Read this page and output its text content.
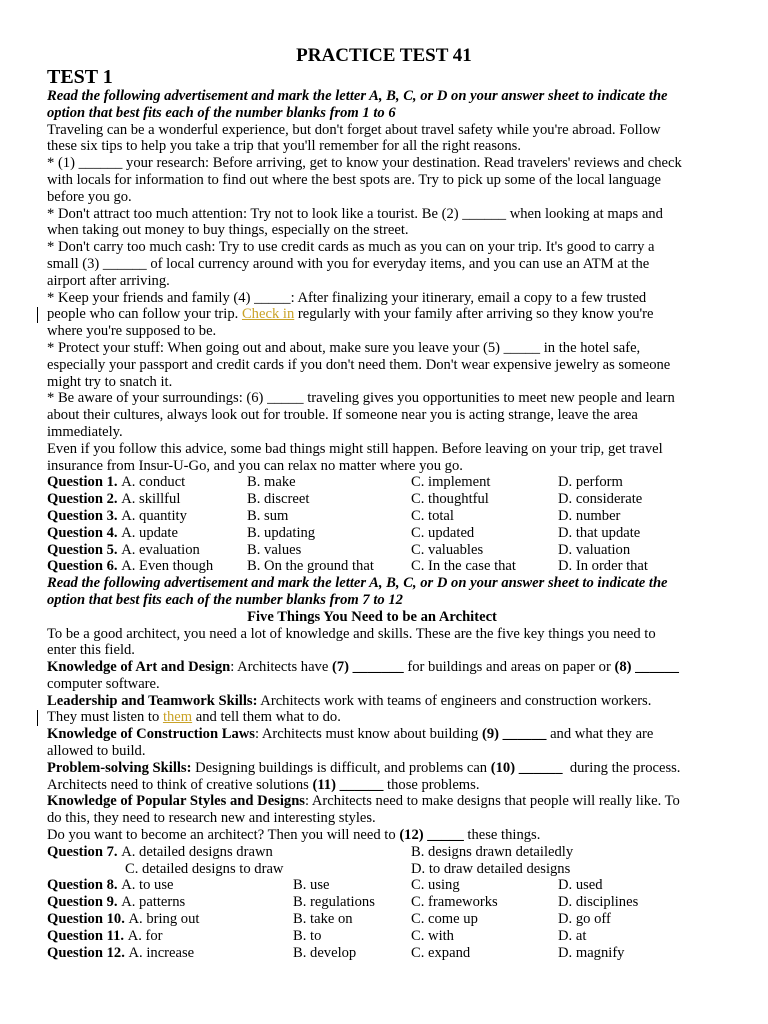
PRACTICE TEST 41
TEST 1
Read the following advertisement and mark the letter A, B, C, or D on your answer sheet to indicate the
option that best fits each of the number blanks from 1 to 6
Traveling can be a wonderful experience, but don't forget about travel safety while you're abroad. Follow
these six tips to help you take a trip that you'll remember for all the right reasons.
* (1) ______ your research: Before arriving, get to know your destination. Read travelers' reviews and check
with locals for information to find out where the best spots are. Try to pick up some of the local language
before you go.
* Don't attract too much attention: Try not to look like a tourist. Be (2) ______ when looking at maps and
when taking out money to buy things, especially on the street.
* Don't carry too much cash: Try to use credit cards as much as you can on your trip. It's good to carry a
small (3) ______ of local currency around with you for everyday items, and you can use an ATM at the
airport after arriving.
* Keep your friends and family (4) _____: After finalizing your itinerary, email a copy to a few trusted
people who can follow your trip. Check in regularly with your family after arriving so they know you're
where you're supposed to be.
* Protect your stuff: When going out and about, make sure you leave your (5) _____ in the hotel safe,
especially your passport and credit cards if you don't need them. Don't wear expensive jewelry as someone
might try to snatch it.
* Be aware of your surroundings: (6) _____ traveling gives you opportunities to meet new people and learn
about their cultures, always look out for trouble. If someone near you is acting strange, leave the area
immediately.
Even if you follow this advice, some bad things might still happen. Before leaving on your trip, get travel
insurance from Insur-U-Go, and you can relax no matter where you go.
Question 1. A. conduct	B. make	C. implement	D. perform
Question 2. A. skillful	B. discreet	C. thoughtful	D. considerate
Question 3. A. quantity	B. sum	C. total	D. number
Question 4. A. update	B. updating	C. updated	D. that update
Question 5. A. evaluation	B. values	C. valuables	D. valuation
Question 6. A. Even though B. On the ground that	C. In the case that	D. In order that
Read the following advertisement and mark the letter A, B, C, or D on your answer sheet to indicate the
option that best fits each of the number blanks from 7 to 12
Five Things You Need to be an Architect
To be a good architect, you need a lot of knowledge and skills. These are the five key things you need to
enter this field.
Knowledge of Art and Design: Architects have (7) _______ for buildings and areas on paper or (8) ______
computer software.
Leadership and Teamwork Skills: Architects work with teams of engineers and construction workers.
They must listen to them and tell them what to do.
Knowledge of Construction Laws: Architects must know about building (9) ______ and what they are
allowed to build.
Problem-solving Skills: Designing buildings is difficult, and problems can (10) ______  during the process.
Architects need to think of creative solutions (11) ______ those problems.
Knowledge of Popular Styles and Designs: Architects need to make designs that people will really like. To
do this, they need to research new and interesting styles.
Do you want to become an architect? Then you will need to (12) _____ these things.
Question 7. A. detailed designs drawn	B. designs drawn detailedly
C. detailed designs to draw	D. to draw detailed designs
Question 8. A. to use	B. use	C. using	D. used
Question 9. A. patterns	B. regulations C. frameworks	D. disciplines
Question 10. A. bring out	B. take on	C. come up	D. go off
Question 11. A. for	B. to	C. with	D. at
Question 12. A. increase	B. develop	C. expand	D. magnify
